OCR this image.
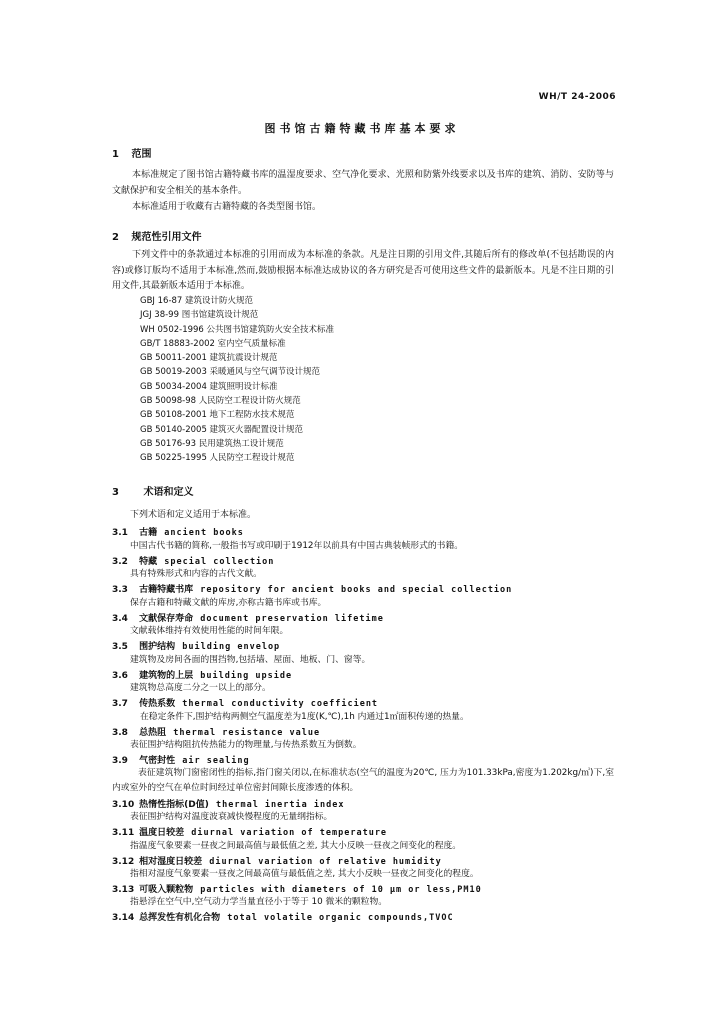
WH/T 24-2006
图书馆古籍特藏书库基本要求
1 范围
本标准规定了图书馆古籍特藏书库的温湿度要求、空气净化要求、光照和防紫外线要求以及书库的建筑、消防、安防等与文献保护和安全相关的基本条件。
本标准适用于收藏有古籍特藏的各类型图书馆。
2 规范性引用文件
下列文件中的条款通过本标准的引用而成为本标准的条款。凡是注日期的引用文件,其随后所有的修改单(不包括勘误的内容)或修订版均不适用于本标准,然而,鼓励根据本标准达成协议的各方研究是否可使用这些文件的最新版本。凡是不注日期的引用文件,其最新版本适用于本标准。
GBJ 16-87 建筑设计防火规范
JGJ 38-99 图书馆建筑设计规范
WH 0502-1996 公共图书馆建筑防火安全技术标准
GB/T 18883-2002 室内空气质量标准
GB 50011-2001 建筑抗震设计规范
GB 50019-2003 采暖通风与空气调节设计规范
GB 50034-2004 建筑照明设计标准
GB 50098-98 人民防空工程设计防火规范
GB 50108-2001 地下工程防水技术规范
GB 50140-2005 建筑灭火器配置设计规范
GB 50176-93 民用建筑热工设计规范
GB 50225-1995 人民防空工程设计规范
3 术语和定义
下列术语和定义适用于本标准。
3.1 古籍 ancient books
中国古代书籍的简称,一般指书写或印刷于1912年以前具有中国古典装帧形式的书籍。
3.2 特藏 special collection
具有特殊形式和内容的古代文献。
3.3 古籍特藏书库 repository for ancient books and special collection
保存古籍和特藏文献的库房,亦称古籍书库或书库。
3.4 文献保存寿命 document preservation lifetime
文献载体维持有效使用性能的时间年限。
3.5 围护结构 building envelop
建筑物及房间各面的围挡物,包括墙、屋面、地板、门、窗等。
3.6 建筑物的上层 building upside
建筑物总高度二分之一以上的部分。
3.7 传热系数 thermal conductivity coefficient
在稳定条件下,围护结构两侧空气温度差为1度(K,℃),1h 内通过1㎡面积传递的热量。
3.8 总热阻 thermal resistance value
表征围护结构阻抗传热能力的物理量,与传热系数互为倒数。
3.9 气密封性 air sealing
表征建筑物门窗密闭性的指标,指门窗关闭以,在标准状态(空气的温度为20℃, 压力为101.33kPa,密度为1.202kg/㎥)下,室内或室外的空气在单位时间经过单位密封间隙长度渗透的体积。
3.10 热惰性指标(D值) thermal inertia index
表征围护结构对温度波衰减快慢程度的无量纲指标。
3.11 温度日较差 diurnal variation of temperature
指温度气象要素一昼夜之间最高值与最低值之差, 其大小反映一昼夜之间变化的程度。
3.12 相对湿度日较差 diurnal variation of relative humidity
指相对湿度气象要素一昼夜之间最高值与最低值之差, 其大小反映一昼夜之间变化的程度。
3.13 可吸入颗粒物 particles with diameters of 10 μm or less,PM10
指悬浮在空气中,空气动力学当量直径小于等于 10 微米的颗粒物。
3.14 总挥发性有机化合物 total volatile organic compounds,TVOC
